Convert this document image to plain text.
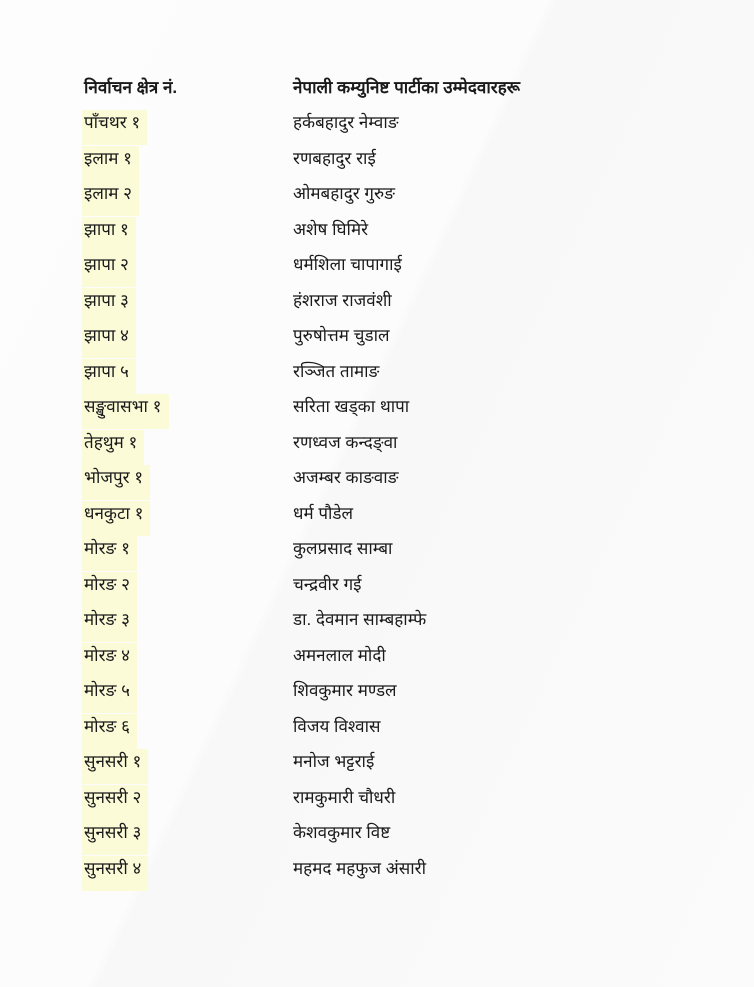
निर्वाचन क्षेत्र नं.	नेपाली कम्युनिष्ट पार्टीका उम्मेदवारहरू
पाँचथर १	हर्कबहादुर नेम्वाङ
इलाम १	रणबहादुर राई
इलाम २	ओमबहादुर गुरुङ
झापा १	अशेष घिमिरे
झापा २	धर्मशिला चापागाई
झापा ३	हंशराज राजवंशी
झापा ४	पुरुषोत्तम चुडाल
झापा ५	रञ्जित तामाङ
सङ्खुवासभा १	सरिता खड्का थापा
तेहथुम १	रणध्वज कन्दङ्वा
भोजपुर १	अजम्बर काङवाङ
धनकुटा १	धर्म पौडेल
मोरङ १	कुलप्रसाद साम्बा
मोरङ २	चन्द्रवीर गई
मोरङ ३	डा. देवमान साम्बहाम्फे
मोरङ ४	अमनलाल मोदी
मोरङ ५	शिवकुमार मण्डल
मोरङ ६	विजय विश्वास
सुनसरी १	मनोज भट्टराई
सुनसरी २	रामकुमारी चौधरी
सुनसरी ३	केशवकुमार विष्ट
सुनसरी ४	महमद महफुज अंसारी
